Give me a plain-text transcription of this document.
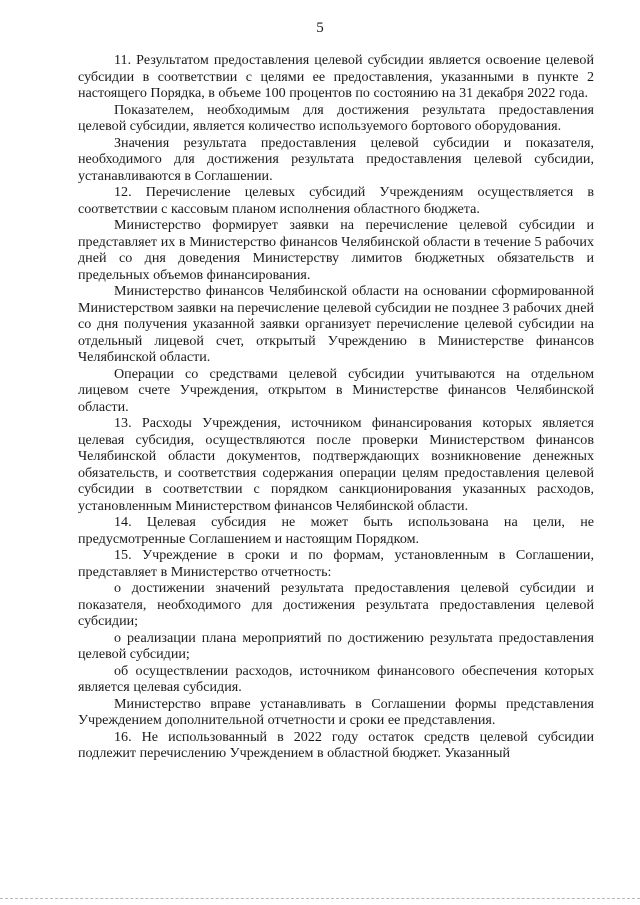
5

11. Результатом предоставления целевой субсидии является освоение целевой субсидии в соответствии с целями ее предоставления, указанными в пункте 2 настоящего Порядка, в объеме 100 процентов по состоянию на 31 декабря 2022 года.

Показателем, необходимым для достижения результата предоставления целевой субсидии, является количество используемого бортового оборудования.

Значения результата предоставления целевой субсидии и показателя, необходимого для достижения результата предоставления целевой субсидии, устанавливаются в Соглашении.

12. Перечисление целевых субсидий Учреждениям осуществляется в соответствии с кассовым планом исполнения областного бюджета.

Министерство формирует заявки на перечисление целевой субсидии и представляет их в Министерство финансов Челябинской области в течение 5 рабочих дней со дня доведения Министерству лимитов бюджетных обязательств и предельных объемов финансирования.

Министерство финансов Челябинской области на основании сформированной Министерством заявки на перечисление целевой субсидии не позднее 3 рабочих дней со дня получения указанной заявки организует перечисление целевой субсидии на отдельный лицевой счет, открытый Учреждению в Министерстве финансов Челябинской области.

Операции со средствами целевой субсидии учитываются на отдельном лицевом счете Учреждения, открытом в Министерстве финансов Челябинской области.

13. Расходы Учреждения, источником финансирования которых является целевая субсидия, осуществляются после проверки Министерством финансов Челябинской области документов, подтверждающих возникновение денежных обязательств, и соответствия содержания операции целям предоставления целевой субсидии в соответствии с порядком санкционирования указанных расходов, установленным Министерством финансов Челябинской области.

14. Целевая субсидия не может быть использована на цели, не предусмотренные Соглашением и настоящим Порядком.

15. Учреждение в сроки и по формам, установленным в Соглашении, представляет в Министерство отчетность:

о достижении значений результата предоставления целевой субсидии и показателя, необходимого для достижения результата предоставления целевой субсидии;

о реализации плана мероприятий по достижению результата предоставления целевой субсидии;

об осуществлении расходов, источником финансового обеспечения которых является целевая субсидия.

Министерство вправе устанавливать в Соглашении формы представления Учреждением дополнительной отчетности и сроки ее представления.

16. Не использованный в 2022 году остаток средств целевой субсидии подлежит перечислению Учреждением в областной бюджет. Указанный
